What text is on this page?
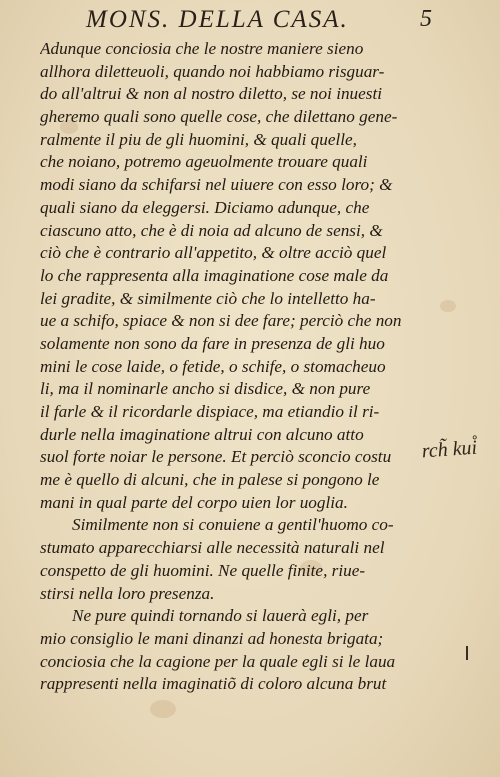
MONS. DELLA CASA.	5
Adunque conciosia che le nostre maniere sieno
allhora diletteuoli, quando noi habbiamo risguar-
do all'altrui & non al nostro diletto, se noi inuesti
gheremo quali sono quelle cose, che dilettano gene-
ralmente il piu de gli huomini, & quali quelle,
che noiano, potremo ageuolmente trouare quali
modi siano da schifarsi nel uiuere con esso loro; &
quali siano da eleggersi. Diciamo adunque, che
ciascuno atto, che è di noia ad alcuno de sensi, &
ciò che è contrario all'appetito, & oltre acciò quel
lo che rappresenta alla imaginatione cose male da
lei gradite, & similmente ciò che lo intelletto ha-
ue a schifo, spiace & non si dee fare; perciò che non
solamente non sono da fare in presenza de gli huo
mini le cose laide, o fetide, o schife, o stomacheuo
li, ma il nominarle ancho si disdice, & non pure
il farle & il ricordarle dispiace, ma etiandio il ri-
durle nella imaginatione altrui con alcuno atto
suol forte noiar le persone. Et perciò sconcio costu
me è quello di alcuni, che in palese si pongono le
mani in qual parte del corpo uien lor uoglia.
Similmente non si conuiene a gentil'huomo co-
stumato apparecchiarsi alle necessità naturali nel
conspetto de gli huomini. Ne quelle finite, riue-
stirsi nella loro presenza.
Ne pure quindi tornando si lauerà egli, per
mio consiglio le mani dinanzi ad honesta brigata;
conciosia che la cagione per la quale egli si le laua
rappresenti nella imaginatiõ di coloro alcuna brut
rch̃ kui̊
